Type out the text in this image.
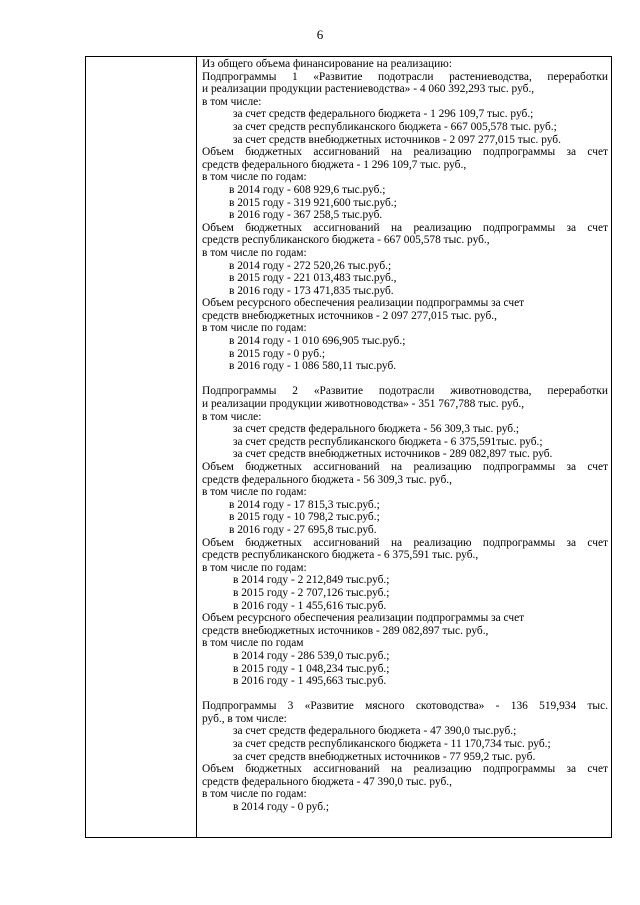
6
Из общего объема финансирование на реализацию:
Подпрограммы 1 «Развитие подотрасли растениеводства, переработки
и реализации продукции растениеводства» - 4 060 392,293 тыс. руб.,
в том числе:
за счет средств федерального бюджета - 1 296 109,7 тыс. руб.;
за счет средств республиканского бюджета - 667 005,578 тыс. руб.;
за счет средств внебюджетных источников - 2 097 277,015 тыс. руб.
Объем бюджетных ассигнований на реализацию подпрограммы за счет
средств федерального бюджета - 1 296 109,7 тыс. руб.,
в том числе по годам:
в 2014 году - 608 929,6 тыс.руб.;
в 2015 году - 319 921,600 тыс.руб.;
в 2016 году - 367 258,5 тыс.руб.
Объем бюджетных ассигнований на реализацию подпрограммы за счет
средств республиканского бюджета - 667 005,578 тыс. руб.,
в том числе по годам:
в 2014 году - 272 520,26 тыс.руб.;
в 2015 году - 221 013,483 тыс.руб.,
в 2016 году - 173 471,835 тыс.руб.
Объем ресурсного обеспечения реализации подпрограммы за счет
средств внебюджетных источников - 2 097 277,015 тыс. руб.,
в том числе по годам:
в 2014 году - 1 010 696,905 тыс.руб.;
в 2015 году - 0 руб.;
в 2016 году - 1 086 580,11 тыс.руб.
Подпрограммы 2 «Развитие подотрасли животноводства, переработки
и реализации продукции животноводства» - 351 767,788 тыс. руб.,
в том числе:
за счет средств федерального бюджета - 56 309,3 тыс. руб.;
за счет средств республиканского бюджета - 6 375,591тыс. руб.;
за счет средств внебюджетных источников - 289 082,897 тыс. руб.
Объем бюджетных ассигнований на реализацию подпрограммы за счет
средств федерального бюджета - 56 309,3 тыс. руб.,
в том числе по годам:
в 2014 году - 17 815,3 тыс.руб.;
в 2015 году - 10 798,2 тыс.руб.;
в 2016 году - 27 695,8 тыс.руб.
Объем бюджетных ассигнований на реализацию подпрограммы за счет
средств республиканского бюджета - 6 375,591 тыс. руб.,
в том числе по годам:
в 2014 году - 2 212,849 тыс.руб.;
в 2015 году - 2 707,126 тыс.руб.;
в 2016 году - 1 455,616 тыс.руб.
Объем ресурсного обеспечения реализации подпрограммы за счет
средств внебюджетных источников - 289 082,897 тыс. руб.,
в том числе по годам
в 2014 году - 286 539,0 тыс.руб.;
в 2015 году - 1 048,234 тыс.руб.;
в 2016 году - 1 495,663 тыс.руб.
Подпрограммы 3 «Развитие мясного скотоводства» - 136 519,934 тыс.
руб., в том числе:
за счет средств федерального бюджета - 47 390,0 тыс.руб.;
за счет средств республиканского бюджета - 11 170,734 тыс. руб.;
за счет средств внебюджетных источников - 77 959,2 тыс. руб.
Объем бюджетных ассигнований на реализацию подпрограммы за счет
средств федерального бюджета - 47 390,0 тыс. руб.,
в том числе по годам:
в 2014 году - 0 руб.;
